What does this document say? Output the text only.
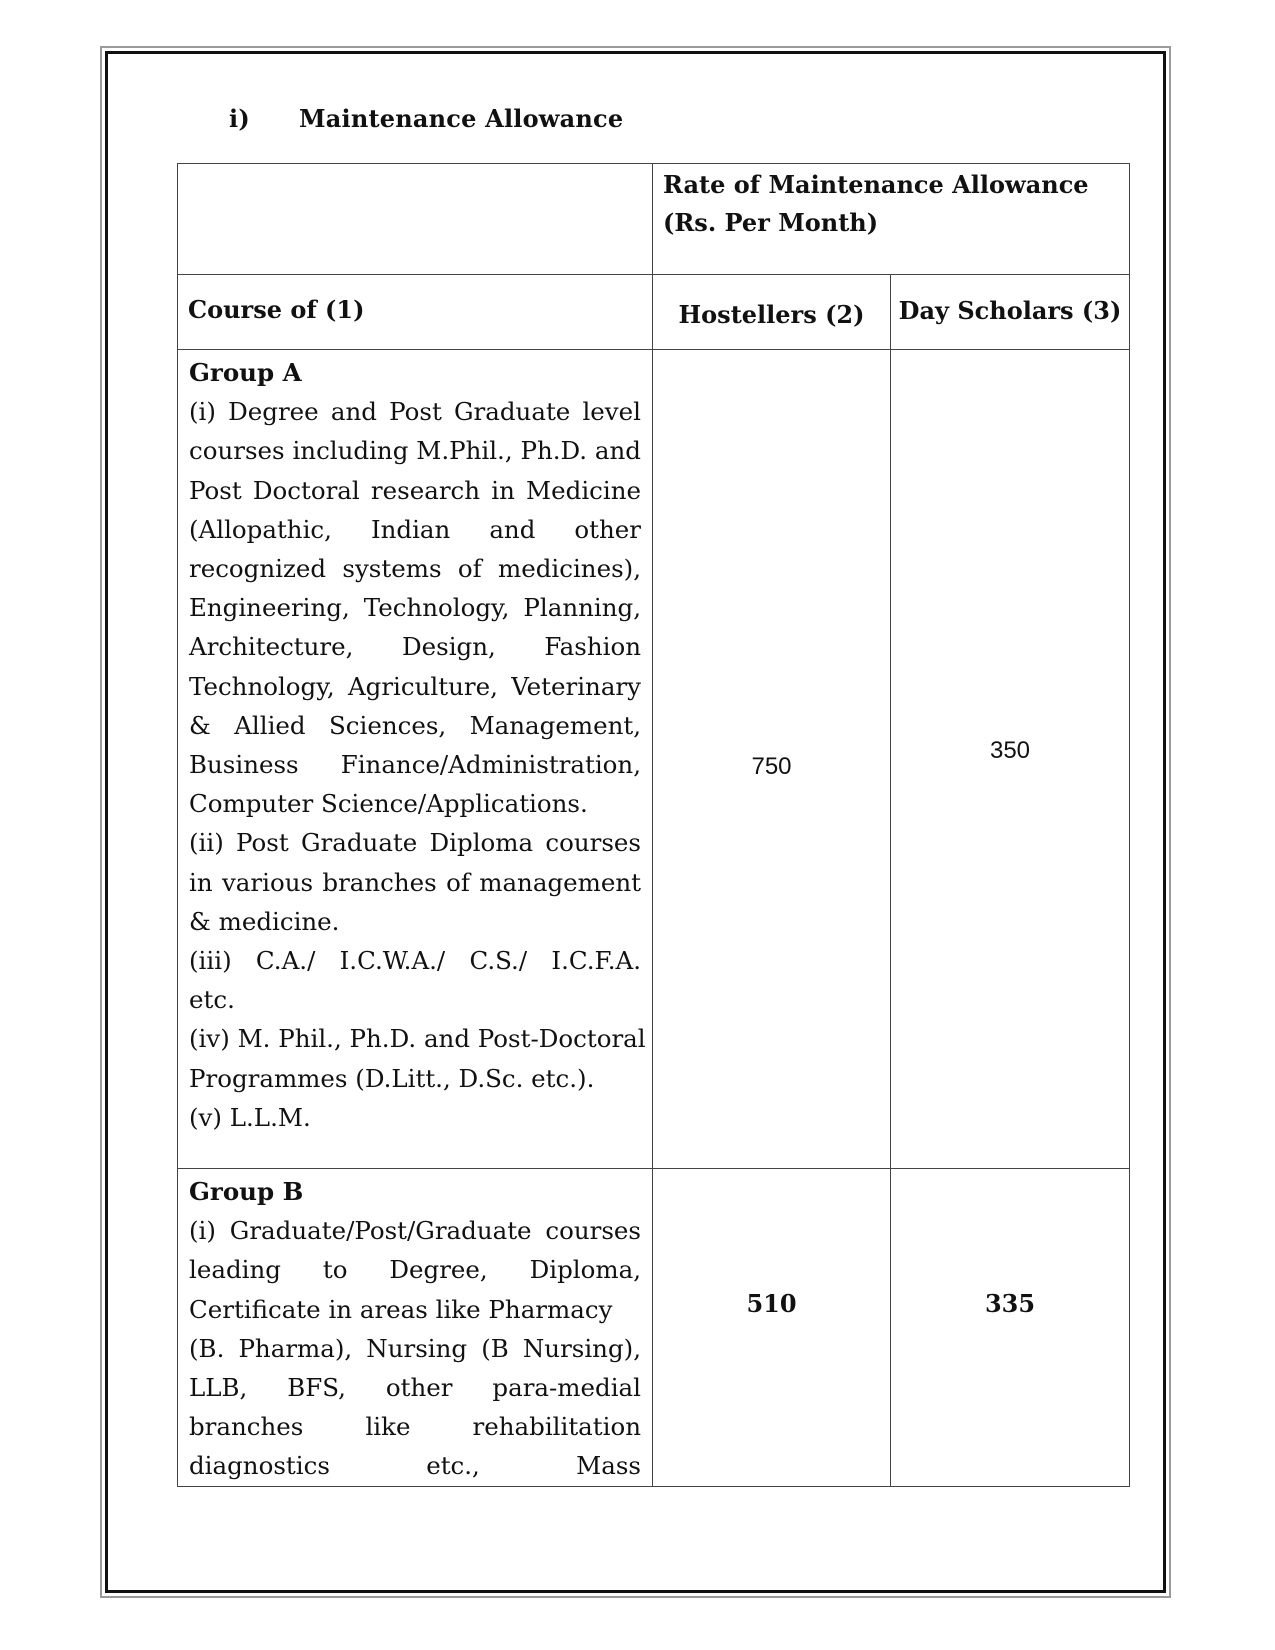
i) Maintenance Allowance

	Rate of Maintenance Allowance
(Rs. Per Month)	

Course of (1)	Hostellers (2)	Day Scholars (3)

Group A
(i) Degree and Post Graduate level
courses including M.Phil., Ph.D. and
Post Doctoral research in Medicine
(Allopathic, Indian and other
recognized systems of medicines),
Engineering, Technology, Planning,
Architecture, Design, Fashion
Technology, Agriculture, Veterinary
& Allied Sciences, Management,
Business Finance/Administration,
Computer Science/Applications.
(ii) Post Graduate Diploma courses
in various branches of management
& medicine.
(iii) C.A./ I.C.W.A./ C.S./ I.C.F.A.
etc.
(iv) M. Phil., Ph.D. and Post-Doctoral
Programmes (D.Litt., D.Sc. etc.).
(v) L.L.M.
	750	350

Group B
(i) Graduate/Post/Graduate courses
leading to Degree, Diploma,
Certificate in areas like Pharmacy
(B. Pharma), Nursing (B Nursing),
LLB, BFS, other para-medial
branches like rehabilitation
diagnostics etc., Mass
	510	335
